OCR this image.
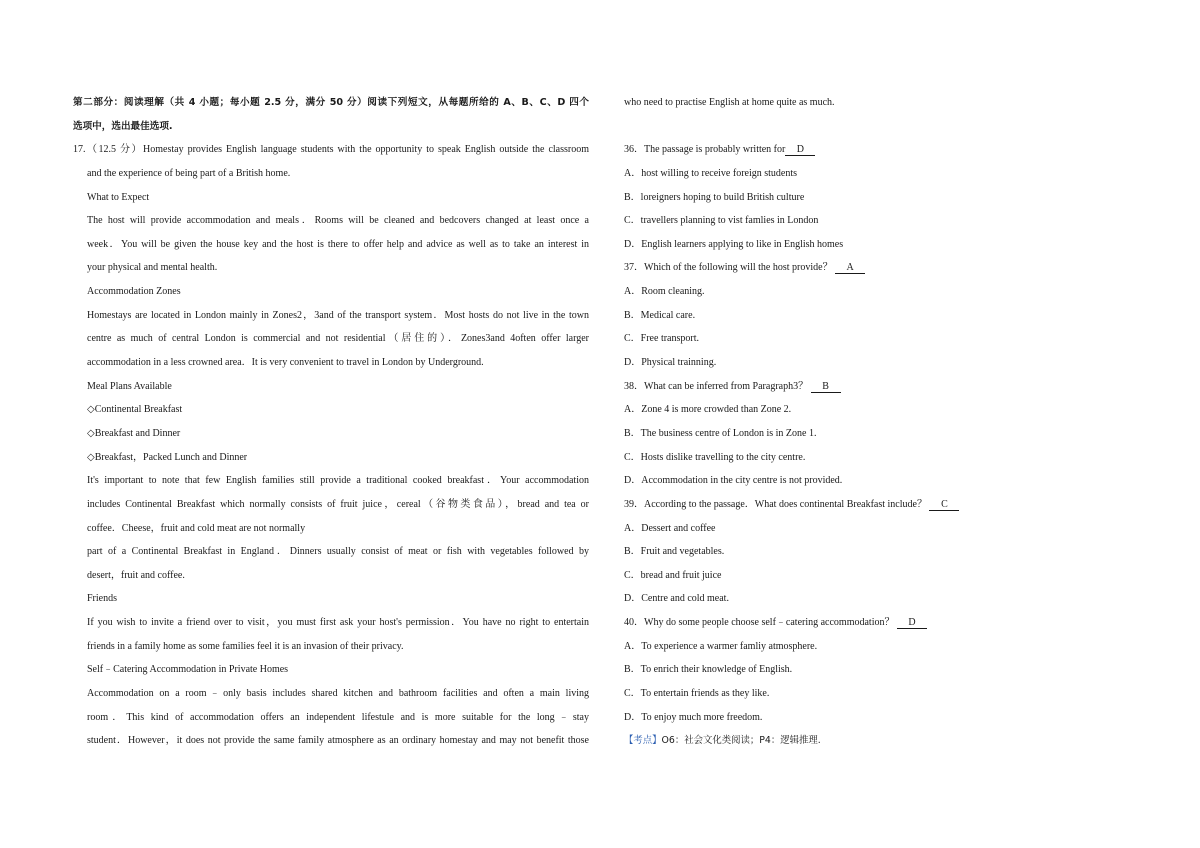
第二部分：阅读理解（共 4 小题；每小题 2.5 分，满分 50 分）阅读下列短文，从每题所给的 A、B、C、D 四个
选项中，选出最佳选项.
17.（12.5 分）Homestay provides English language students with the opportunity to speak English outside the classroom
and the experience of being part of a British home.
What to Expect
The host will provide accommodation and meals．Rooms will be cleaned and bedcovers changed at least once a
week．You will be given the house key and the host is there to offer help and advice as well as to take an interest in
your physical and mental health.
Accommodation Zones
Homestays are located in London mainly in Zones2，3and of the transport system．Most hosts do not live in the town
centre as much of central London is commercial and not residential（居住的）．Zones3and 4often offer larger
accommodation in a less crowned area．It is very convenient to travel in London by Underground.
Meal Plans Available
◇Continental Breakfast
◇Breakfast and Dinner
◇Breakfast，Packed Lunch and Dinner
It's important to note that few English families still provide a traditional cooked breakfast．Your accommodation
includes Continental Breakfast which normally consists of fruit juice，cereal（谷物类食品），bread and tea or
coffee．Cheese，fruit and cold meat are not normally
part of a Continental Breakfast in England．Dinners usually consist of meat or fish with vegetables followed by
desert，fruit and coffee.
Friends
If you wish to invite a friend over to visit，you must first ask your host's permission．You have no right to entertain
friends in a family home as some families feel it is an invasion of their privacy.
Self﹣Catering Accommodation in Private Homes
Accommodation on a room﹣only basis includes shared kitchen and bathroom facilities and often a main living
room．This kind of accommodation offers an independent lifestule and is more suitable for the long﹣stay
student．However，it does not provide the same family atmosphere as an ordinary homestay and may not benefit those
who need to practise English at home quite as much.
36．The passage is probably written for D
A．host willing to receive foreign students
B．loreigners hoping to build British culture
C．travellers planning to vist famlies in London
D．English learners applying to like in English homes
37．Which of the following will the host provide？ A
A．Room cleaning.
B．Medical care.
C．Free transport.
D．Physical trainning.
38．What can be inferred from Paragraph3？ B
A．Zone 4 is more crowded than Zone 2.
B．The business centre of London is in Zone 1.
C．Hosts dislike travelling to the city centre.
D．Accommodation in the city centre is not provided.
39．According to the passage．What does continental Breakfast include？ C
A．Dessert and coffee
B．Fruit and vegetables.
C．bread and fruit juice
D．Centre and cold meat.
40．Why do some people choose self﹣catering accommodation？ D
A．To experience a warmer famliy atmosphere.
B．To enrich their knowledge of English.
C．To entertain friends as they like.
D．To enjoy much more freedom.
【考点】O6：社会文化类阅读；P4：逻辑推理.
